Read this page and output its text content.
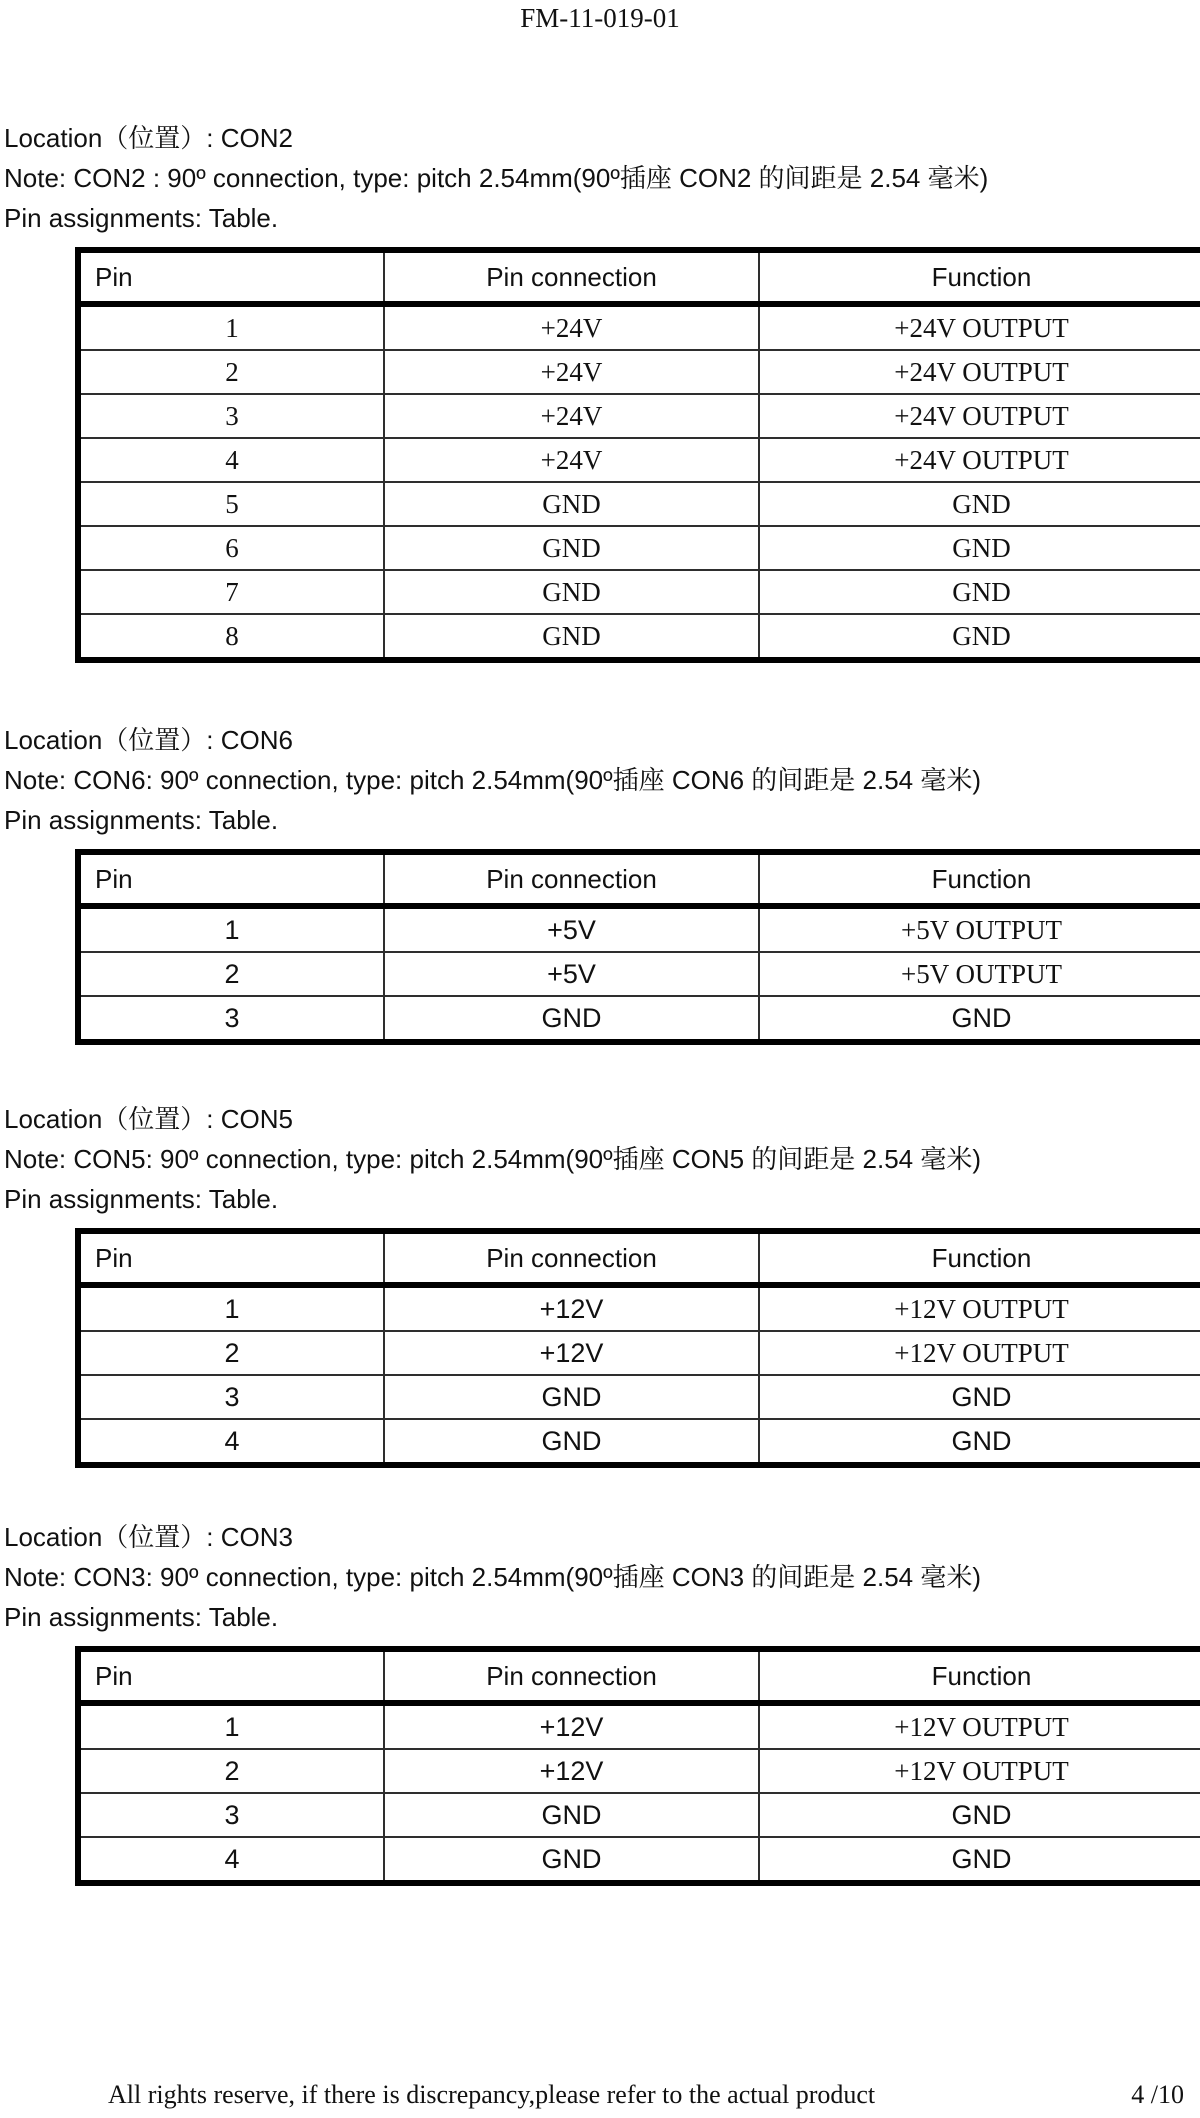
FM-11-019-01

Location（位置）: CON2

Note: CON2 : 90º connection, type: pitch 2.54mm(90º插座 CON2 的间距是 2.54 毫米)

Pin assignments: Table.

Pin	Pin connection	Function
1	+24V	+24V OUTPUT
2	+24V	+24V OUTPUT
3	+24V	+24V OUTPUT
4	+24V	+24V OUTPUT
5	GND	GND
6	GND	GND
7	GND	GND
8	GND	GND

Location（位置）: CON6

Note: CON6: 90º connection, type: pitch 2.54mm(90º插座 CON6 的间距是 2.54 毫米)

Pin assignments: Table.

Pin	Pin connection	Function
1	+5V	+5V OUTPUT
2	+5V	+5V OUTPUT
3	GND	GND

Location（位置）: CON5

Note: CON5: 90º connection, type: pitch 2.54mm(90º插座 CON5 的间距是 2.54 毫米)

Pin assignments: Table.

Pin	Pin connection	Function
1	+12V	+12V OUTPUT
2	+12V	+12V OUTPUT
3	GND	GND
4	GND	GND

Location（位置）: CON3

Note: CON3: 90º connection, type: pitch 2.54mm(90º插座 CON3 的间距是 2.54 毫米)

Pin assignments: Table.

Pin	Pin connection	Function
1	+12V	+12V OUTPUT
2	+12V	+12V OUTPUT
3	GND	GND
4	GND	GND
All rights reserve, if there is discrepancy,please refer to the actual product	4 /10
